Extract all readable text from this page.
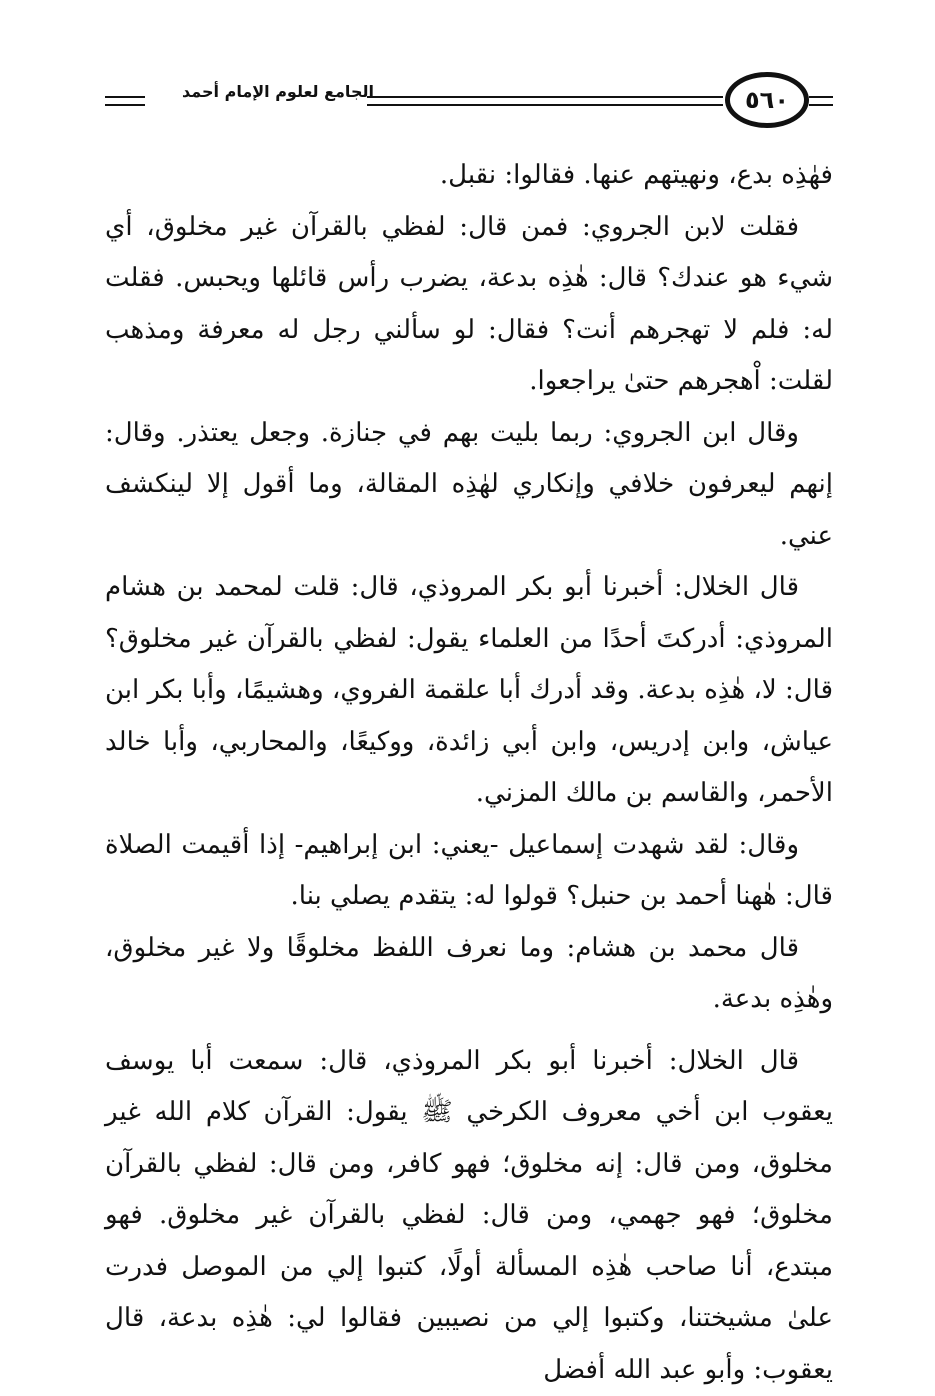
الجامع لعلوم الإمام أحمد	٥٦٠

فهٰذِه بدع، ونهيتهم عنها. فقالوا: نقبل.

فقلت لابن الجروي: فمن قال: لفظي بالقرآن غير مخلوق، أي شيء هو عندك؟ قال: هٰذِه بدعة، يضرب رأس قائلها ويحبس. فقلت له: فلم لا تهجرهم أنت؟ فقال: لو سألني رجل له معرفة ومذهب لقلت: اْهجرهم حتىٰ يراجعوا.

وقال ابن الجروي: ربما بليت بهم في جنازة. وجعل يعتذر. وقال: إنهم ليعرفون خلافي وإنكاري لهٰذِه المقالة، وما أقول إلا لينكشف عني.

قال الخلال: أخبرنا أبو بكر المروذي، قال: قلت لمحمد بن هشام المروذي: أدركتَ أحدًا من العلماء يقول: لفظي بالقرآن غير مخلوق؟ قال: لا، هٰذِه بدعة. وقد أدرك أبا علقمة الفروي، وهشيمًا، وأبا بكر ابن عياش، وابن إدريس، وابن أبي زائدة، ووكيعًا، والمحاربي، وأبا خالد الأحمر، والقاسم بن مالك المزني.

وقال: لقد شهدت إسماعيل -يعني: ابن إبراهيم- إذا أقيمت الصلاة قال: هٰهنا أحمد بن حنبل؟ قولوا له: يتقدم يصلي بنا.

قال محمد بن هشام: وما نعرف اللفظ مخلوقًا ولا غير مخلوق، وهٰذِه بدعة.

قال الخلال: أخبرنا أبو بكر المروذي، قال: سمعت أبا يوسف يعقوب ابن أخي معروف الكرخي ﷺ يقول: القرآن كلام الله غير مخلوق، ومن قال: إنه مخلوق؛ فهو كافر، ومن قال: لفظي بالقرآن مخلوق؛ فهو جهمي، ومن قال: لفظي بالقرآن غير مخلوق. فهو مبتدع، أنا صاحب هٰذِه المسألة أولًا، كتبوا إلي من الموصل فدرت علىٰ مشيختنا، وكتبوا إلي من نصيبين فقالوا لي: هٰذِه بدعة، قال يعقوب: وأبو عبد الله أفضل
